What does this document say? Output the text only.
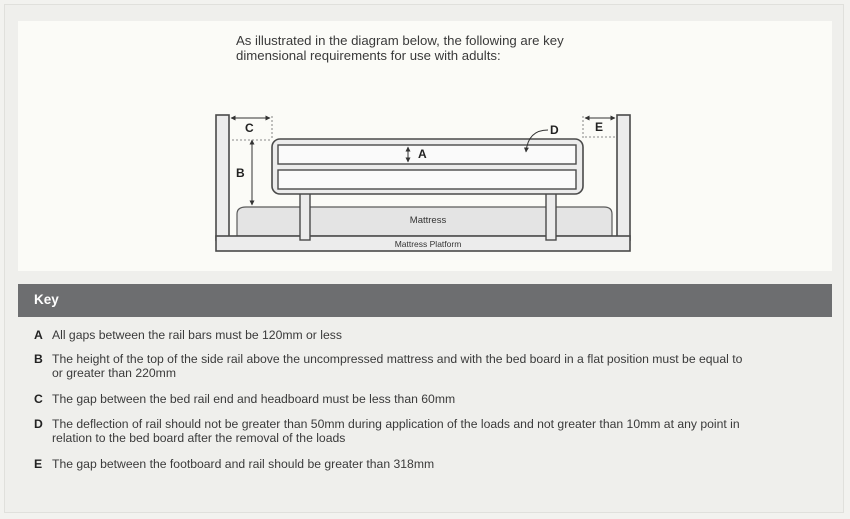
As illustrated in the diagram below, the following are key
dimensional requirements for use with adults:
Mattress
Mattress Platform
A
B
C	E
D
Key
A All gaps between the rail bars must be 120mm or less
B The height of the top of the side rail above the uncompressed mattress and with the bed board in a flat position must be equal to
or greater than 220mm
C The gap between the bed rail end and headboard must be less than 60mm
D The deflection of rail should not be greater than 50mm during application of the loads and not greater than 10mm at any point in
relation to the bed board after the removal of the loads
E The gap between the footboard and rail should be greater than 318mm
